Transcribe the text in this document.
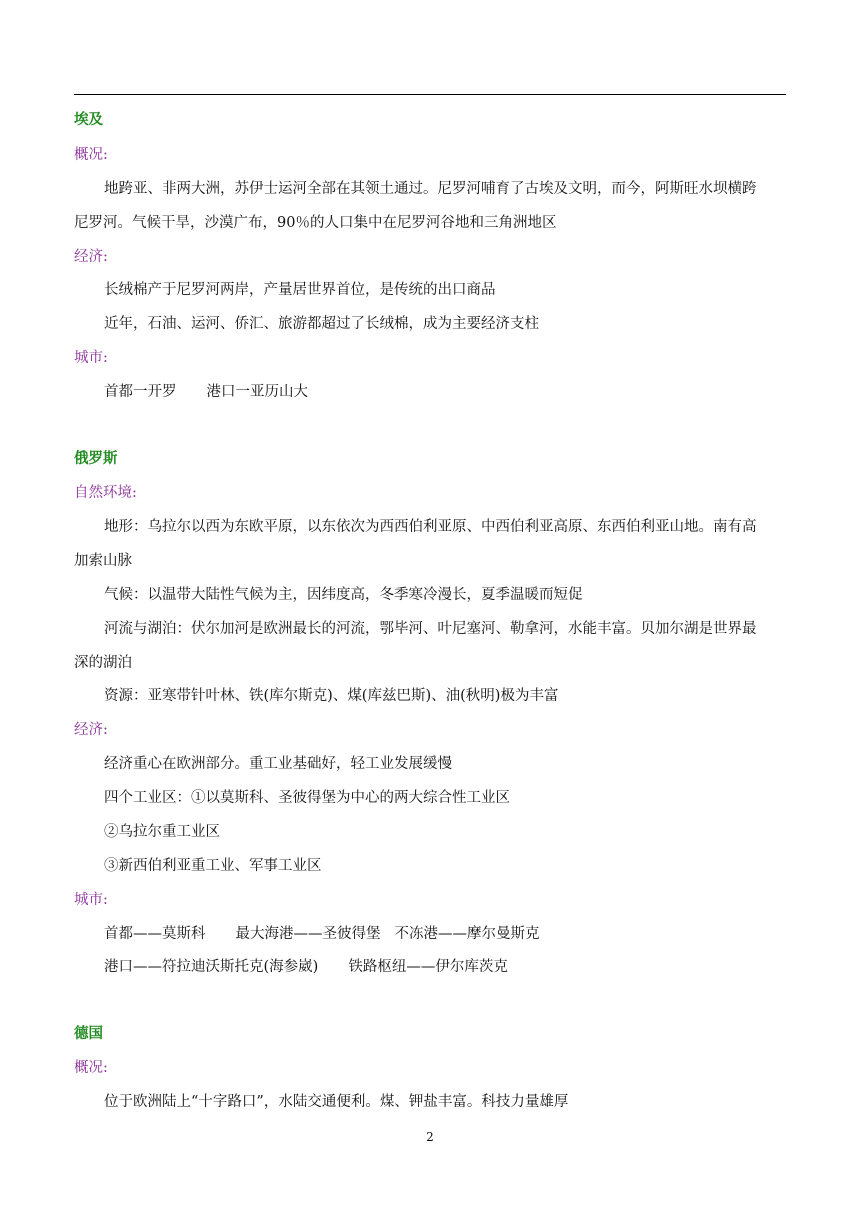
埃及
概况:
地跨亚、非两大洲，苏伊士运河全部在其领土通过。尼罗河哺育了古埃及文明，而今，阿斯旺水坝横跨
尼罗河。气候干旱，沙漠广布，90％的人口集中在尼罗河谷地和三角洲地区
经济:
长绒棉产于尼罗河两岸，产量居世界首位，是传统的出口商品
近年，石油、运河、侨汇、旅游都超过了长绒棉，成为主要经济支柱
城市:
首都一开罗 港口一亚历山大
俄罗斯
自然环境:
地形：乌拉尔以西为东欧平原，以东依次为西西伯利亚原、中西伯利亚高原、东西伯利亚山地。南有高
加索山脉
气候：以温带大陆性气候为主，因纬度高，冬季寒冷漫长，夏季温暖而短促
河流与湖泊：伏尔加河是欧洲最长的河流，鄂毕河、叶尼塞河、勒拿河，水能丰富。贝加尔湖是世界最
深的湖泊
资源：亚寒带针叶林、铁(库尔斯克)、煤(库兹巴斯)、油(秋明)极为丰富
经济:
经济重心在欧洲部分。重工业基础好，轻工业发展缓慢
四个工业区：①以莫斯科、圣彼得堡为中心的两大综合性工业区
②乌拉尔重工业区
③新西伯利亚重工业、军事工业区
城市:
首都——莫斯科 最大海港——圣彼得堡 不冻港——摩尔曼斯克
港口——符拉迪沃斯托克(海参崴) 铁路枢纽——伊尔库茨克
德国
概况:
位于欧洲陆上“十字路口”，水陆交通便利。煤、钾盐丰富。科技力量雄厚
2
